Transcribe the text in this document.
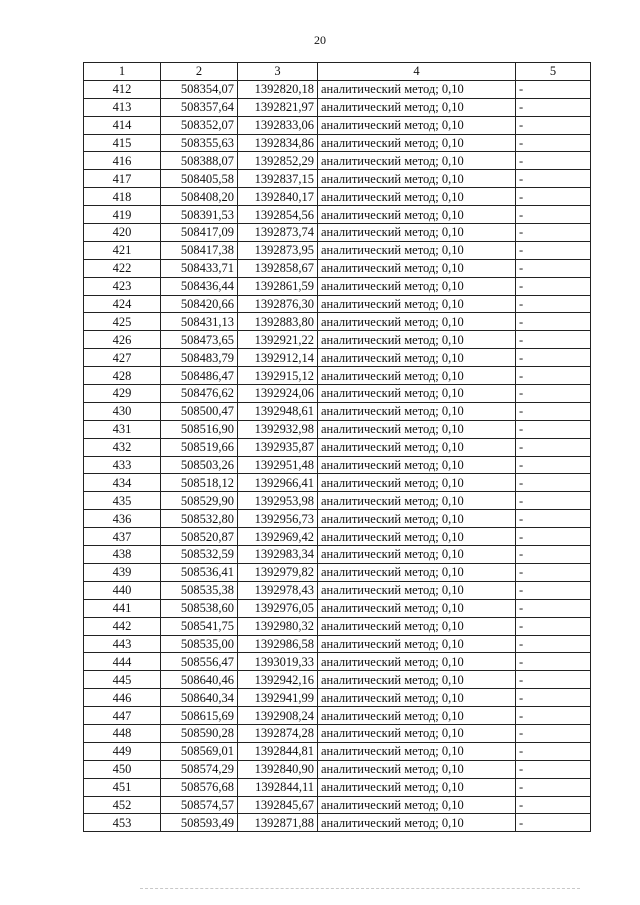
20
1	2	3	4	5
412	508354,07	1392820,18	аналитический метод; 0,10	-
413	508357,64	1392821,97	аналитический метод; 0,10	-
414	508352,07	1392833,06	аналитический метод; 0,10	-
415	508355,63	1392834,86	аналитический метод; 0,10	-
416	508388,07	1392852,29	аналитический метод; 0,10	-
417	508405,58	1392837,15	аналитический метод; 0,10	-
418	508408,20	1392840,17	аналитический метод; 0,10	-
419	508391,53	1392854,56	аналитический метод; 0,10	-
420	508417,09	1392873,74	аналитический метод; 0,10	-
421	508417,38	1392873,95	аналитический метод; 0,10	-
422	508433,71	1392858,67	аналитический метод; 0,10	-
423	508436,44	1392861,59	аналитический метод; 0,10	-
424	508420,66	1392876,30	аналитический метод; 0,10	-
425	508431,13	1392883,80	аналитический метод; 0,10	-
426	508473,65	1392921,22	аналитический метод; 0,10	-
427	508483,79	1392912,14	аналитический метод; 0,10	-
428	508486,47	1392915,12	аналитический метод; 0,10	-
429	508476,62	1392924,06	аналитический метод; 0,10	-
430	508500,47	1392948,61	аналитический метод; 0,10	-
431	508516,90	1392932,98	аналитический метод; 0,10	-
432	508519,66	1392935,87	аналитический метод; 0,10	-
433	508503,26	1392951,48	аналитический метод; 0,10	-
434	508518,12	1392966,41	аналитический метод; 0,10	-
435	508529,90	1392953,98	аналитический метод; 0,10	-
436	508532,80	1392956,73	аналитический метод; 0,10	-
437	508520,87	1392969,42	аналитический метод; 0,10	-
438	508532,59	1392983,34	аналитический метод; 0,10	-
439	508536,41	1392979,82	аналитический метод; 0,10	-
440	508535,38	1392978,43	аналитический метод; 0,10	-
441	508538,60	1392976,05	аналитический метод; 0,10	-
442	508541,75	1392980,32	аналитический метод; 0,10	-
443	508535,00	1392986,58	аналитический метод; 0,10	-
444	508556,47	1393019,33	аналитический метод; 0,10	-
445	508640,46	1392942,16	аналитический метод; 0,10	-
446	508640,34	1392941,99	аналитический метод; 0,10	-
447	508615,69	1392908,24	аналитический метод; 0,10	-
448	508590,28	1392874,28	аналитический метод; 0,10	-
449	508569,01	1392844,81	аналитический метод; 0,10	-
450	508574,29	1392840,90	аналитический метод; 0,10	-
451	508576,68	1392844,11	аналитический метод; 0,10	-
452	508574,57	1392845,67	аналитический метод; 0,10	-
453	508593,49	1392871,88	аналитический метод; 0,10	-
